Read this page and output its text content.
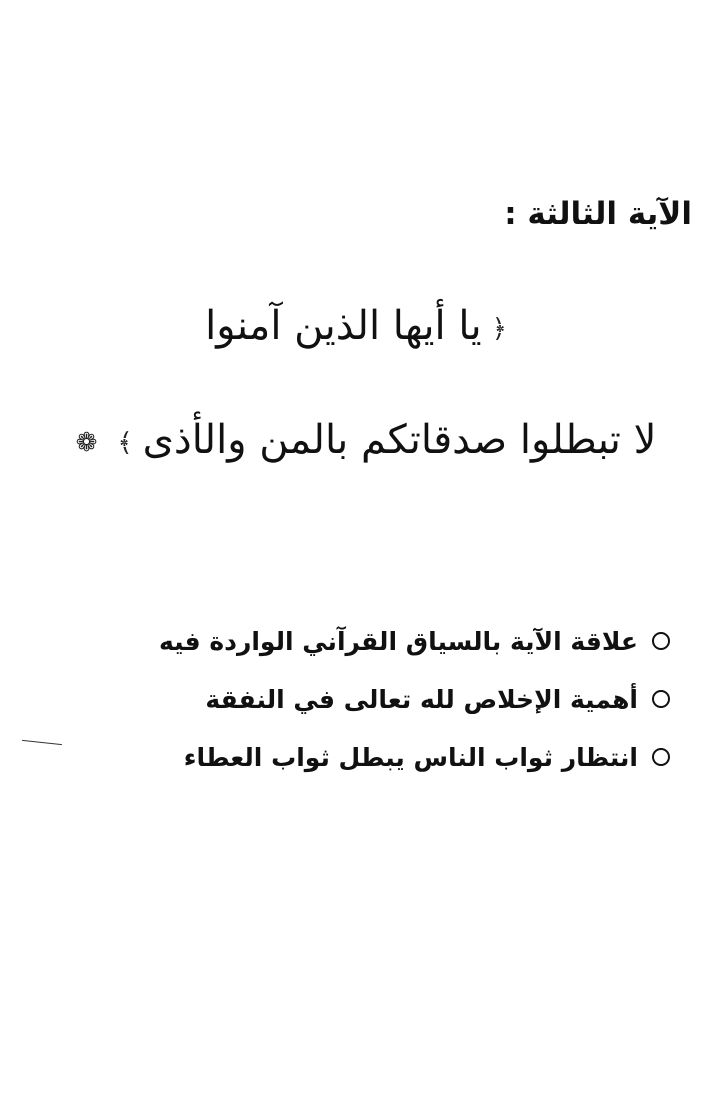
الآية الثالثة :
﴿يا أيها الذين آمنوا
لا تبطلوا صدقاتكم بالمن والأذى﴾❁
علاقة الآية بالسياق القرآني الواردة فيه
أهمية الإخلاص لله تعالى في النفقة
انتظار ثواب الناس يبطل ثواب العطاء
